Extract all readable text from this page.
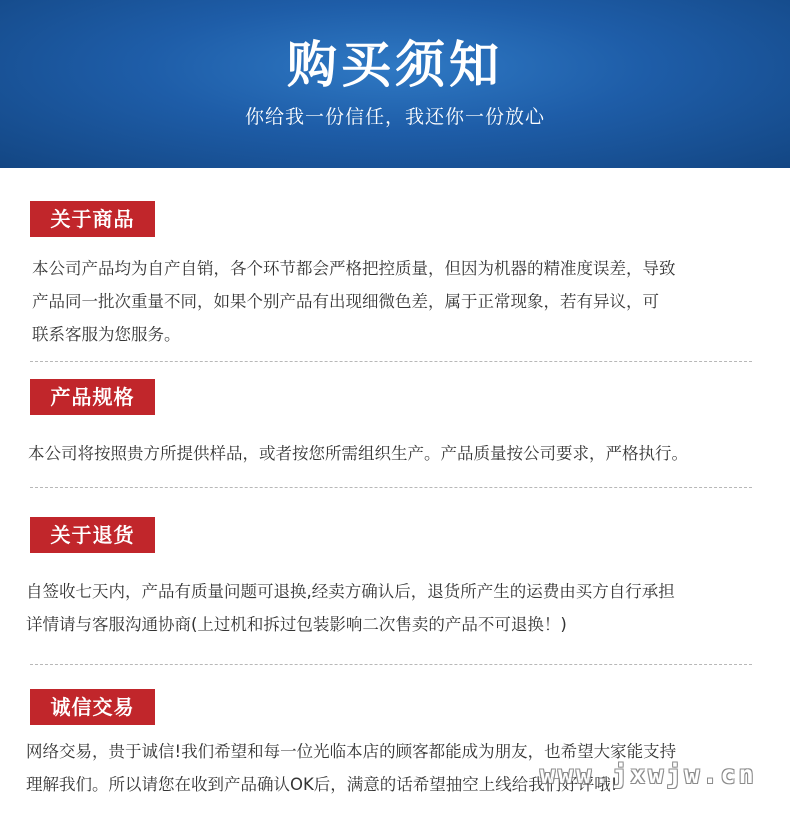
购买须知
你给我一份信任，我还你一份放心
关于商品
本公司产品均为自产自销，各个环节都会严格把控质量，但因为机器的精准度误差，导致
产品同一批次重量不同，如果个别产品有出现细微色差，属于正常现象，若有异议，可
联系客服为您服务。
产品规格
本公司将按照贵方所提供样品，或者按您所需组织生产。产品质量按公司要求，严格执行。
关于退货
自签收七天内，产品有质量问题可退换,经卖方确认后，退货所产生的运费由买方自行承担
详情请与客服沟通协商(上过机和拆过包装影响二次售卖的产品不可退换！)
诚信交易
网络交易，贵于诚信!我们希望和每一位光临本店的顾客都能成为朋友，也希望大家能支持
理解我们。所以请您在收到产品确认OK后，满意的话希望抽空上线给我们好评哦!
www.jxwjw.cn
